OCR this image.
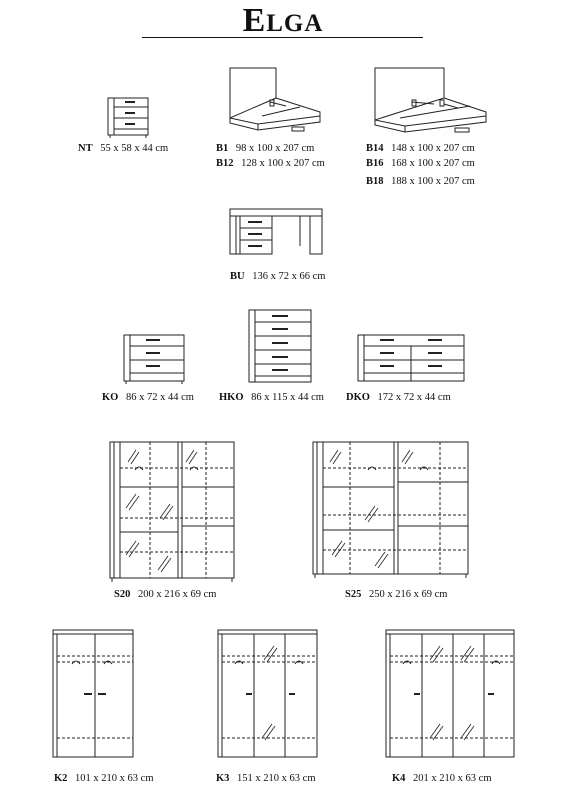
ELGA
NT 55 x 58 x 44 cm	B1 98 x 100 x 207 cm
B12 128 x 100 x 207 cm
B14 148 x 100 x 207 cm
B16 168 x 100 x 207 cm
B18 188 x 100 x 207 cm
BU 136 x 72 x 66 cm
KO 86 x 72 x 44 cm HKO 86 x 115 x 44 cm DKO 172 x 72 x 44 cm
S20 200 x 216 x 69 cm	S25 250 x 216 x 69 cm
K2 101 x 210 x 63 cm	K3 151 x 210 x 63 cm	K4 201 x 210 x 63 cm
